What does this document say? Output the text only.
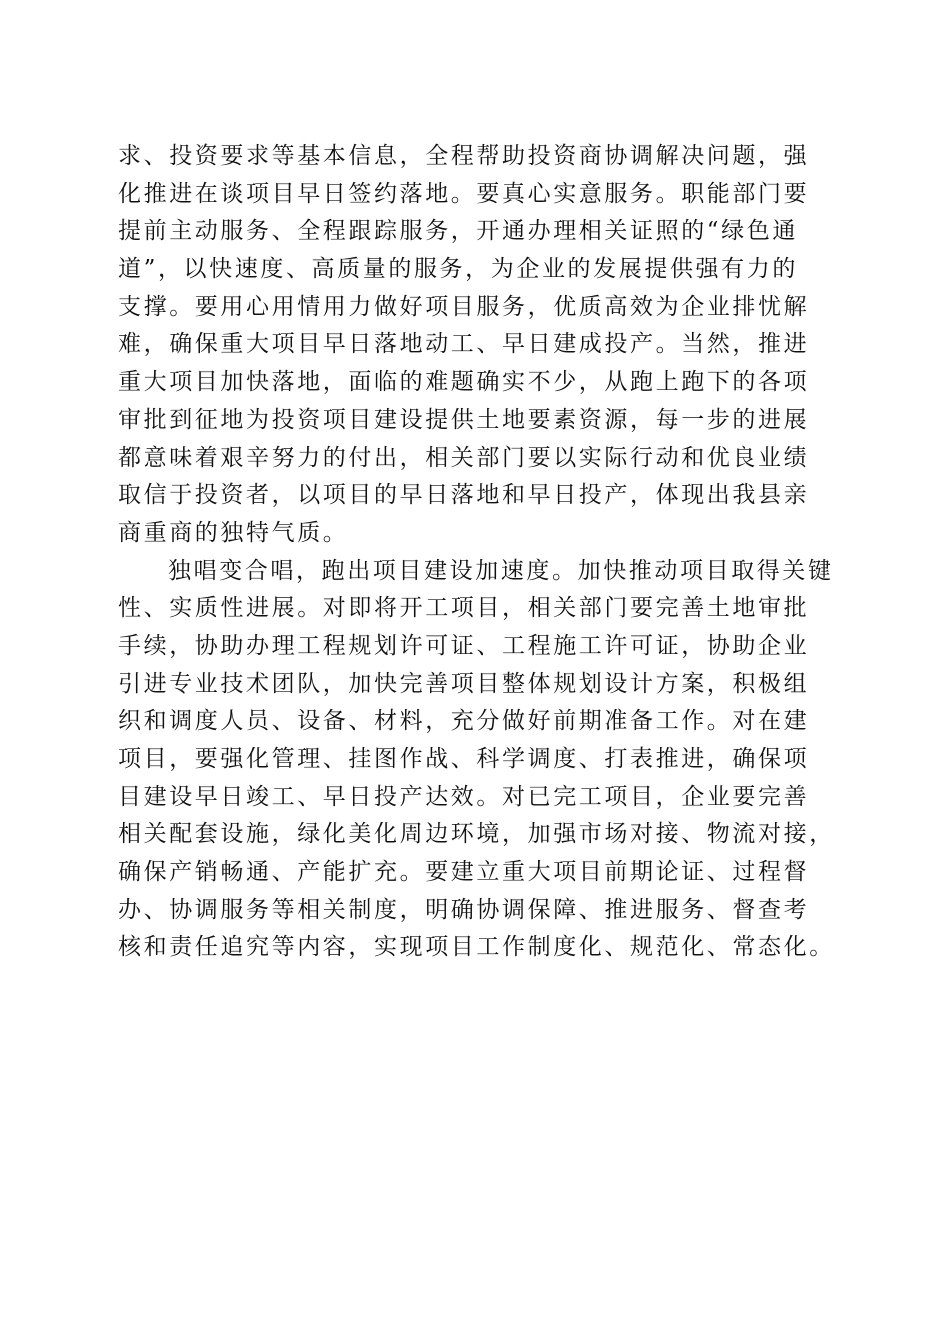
求、投资要求等基本信息，全程帮助投资商协调解决问题，强
化推进在谈项目早日签约落地。要真心实意服务。职能部门要
提前主动服务、全程跟踪服务，开通办理相关证照的“绿色通
道”，以快速度、高质量的服务，为企业的发展提供强有力的
支撑。要用心用情用力做好项目服务，优质高效为企业排忧解
难，确保重大项目早日落地动工、早日建成投产。当然，推进
重大项目加快落地，面临的难题确实不少，从跑上跑下的各项
审批到征地为投资项目建设提供土地要素资源，每一步的进展
都意味着艰辛努力的付出，相关部门要以实际行动和优良业绩
取信于投资者，以项目的早日落地和早日投产，体现出我县亲
商重商的独特气质。
独唱变合唱，跑出项目建设加速度。加快推动项目取得关键
性、实质性进展。对即将开工项目，相关部门要完善土地审批
手续，协助办理工程规划许可证、工程施工许可证，协助企业
引进专业技术团队，加快完善项目整体规划设计方案，积极组
织和调度人员、设备、材料，充分做好前期准备工作。对在建
项目，要强化管理、挂图作战、科学调度、打表推进，确保项
目建设早日竣工、早日投产达效。对已完工项目，企业要完善
相关配套设施，绿化美化周边环境，加强市场对接、物流对接，
确保产销畅通、产能扩充。要建立重大项目前期论证、过程督
办、协调服务等相关制度，明确协调保障、推进服务、督查考
核和责任追究等内容，实现项目工作制度化、规范化、常态化。
